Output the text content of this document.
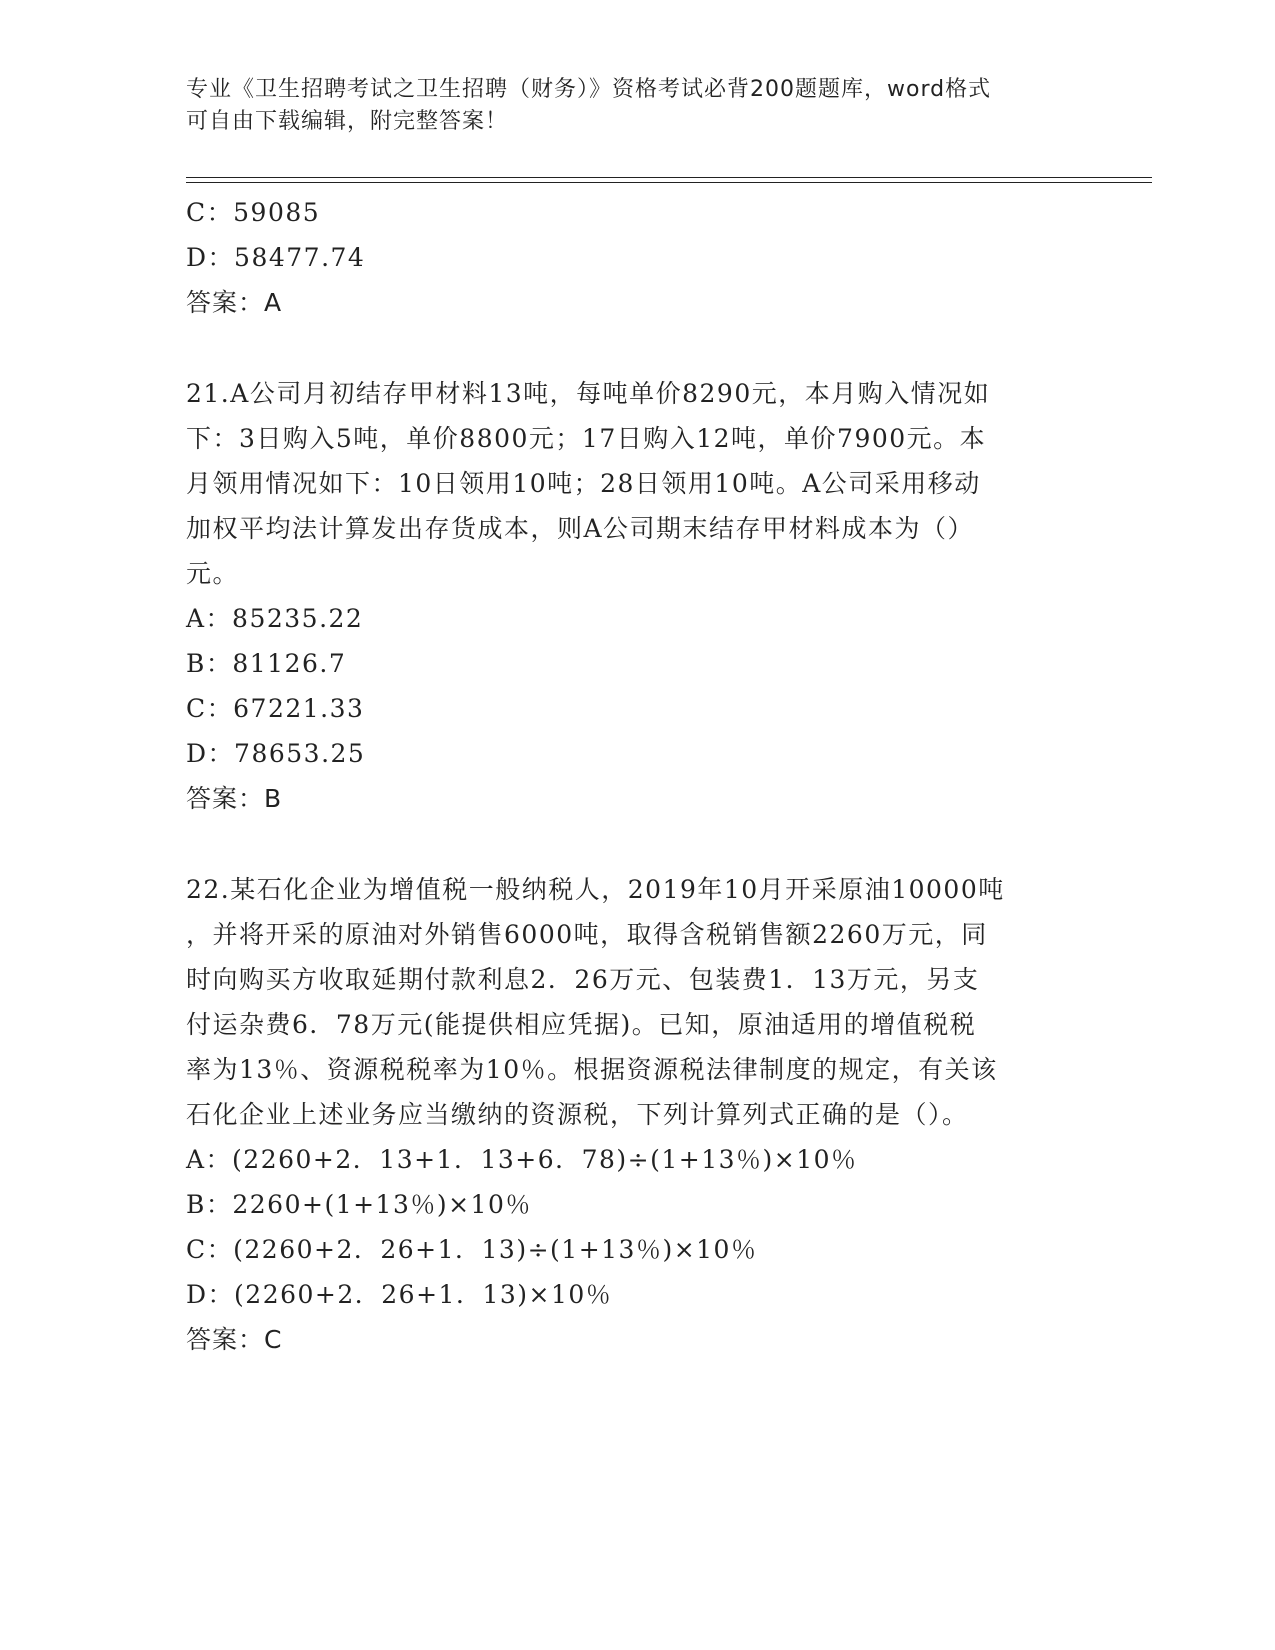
专业《卫生招聘考试之卫生招聘（财务）》资格考试必背200题题库，word格式
可自由下载编辑，附完整答案！
C：59085
D：58477.74
答案：A
21.A公司月初结存甲材料13吨，每吨单价8290元，本月购入情况如
下：3日购入5吨，单价8800元；17日购入12吨，单价7900元。本
月领用情况如下：10日领用10吨；28日领用10吨。A公司采用移动
加权平均法计算发出存货成本，则A公司期末结存甲材料成本为（）
元。
A：85235.22
B：81126.7
C：67221.33
D：78653.25
答案：B
22.某石化企业为增值税一般纳税人，2019年10月开采原油10000吨
，并将开采的原油对外销售6000吨，取得含税销售额2260万元，同
时向购买方收取延期付款利息2．26万元、包装费1．13万元，另支
付运杂费6．78万元(能提供相应凭据)。已知，原油适用的增值税税
率为13％、资源税税率为10％。根据资源税法律制度的规定，有关该
石化企业上述业务应当缴纳的资源税，下列计算列式正确的是（）。
A：(2260+2．13+1．13+6．78)÷(1+13％)×10％
B：2260+(1+13％)×10％
C：(2260+2．26+1．13)÷(1+13％)×10％
D：(2260+2．26+1．13)×10％
答案：C
